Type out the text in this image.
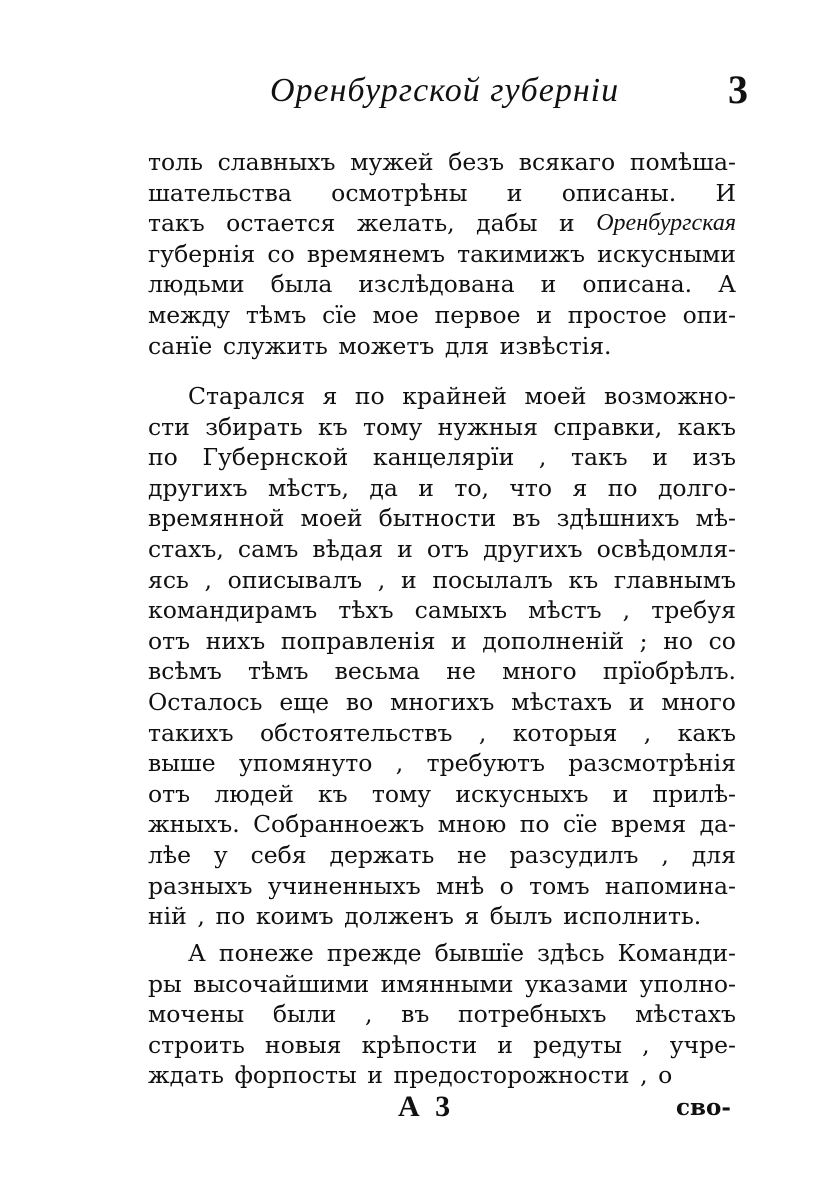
Оренбургской губерніи	3
толь славныхъ мужей безъ всякаго помѣша-
шательства осмотрѣны и описаны. И
такъ остается желать, дабы и Оренбургская
губернія со времянемъ такимижъ искусными
людьми была изслѣдована и описана. А
между тѣмъ сїе мое первое и простое опи-
санїе служить можетъ для извѣстія.
Старался я по крайней моей возможно-
сти збирать къ тому нужныя справки, какъ
по Губернской канцелярїи , такъ и изъ
другихъ мѣстъ, да и то, что я по долго-
времянной моей бытности въ здѣшнихъ мѣ-
стахъ, самъ вѣдая и отъ другихъ освѣдомля-
ясь , описывалъ , и посылалъ къ главнымъ
командирамъ тѣхъ самыхъ мѣстъ , требуя
отъ нихъ поправленія и дополненій ; но со
всѣмъ тѣмъ весьма не много прїобрѣлъ.
Осталось еще во многихъ мѣстахъ и много
такихъ обстоятельствъ , которыя , какъ
выше упомянуто , требуютъ разсмотрѣнія
отъ людей къ тому искусныхъ и прилѣ-
жныхъ. Собранноежъ мною по сїе время да-
лѣе у себя держать не разсудилъ , для
разныхъ учиненныхъ мнѣ о томъ напомина-
ній , по коимъ долженъ я былъ исполнить.
А понеже прежде бывшїе здѣсь Команди-
ры высочайшими имянными указами уполно-
мочены были , въ потребныхъ мѣстахъ
строить новыя крѣпости и редуты , учре-
ждать форпосты и предосторожности , о
А 3	сво-
